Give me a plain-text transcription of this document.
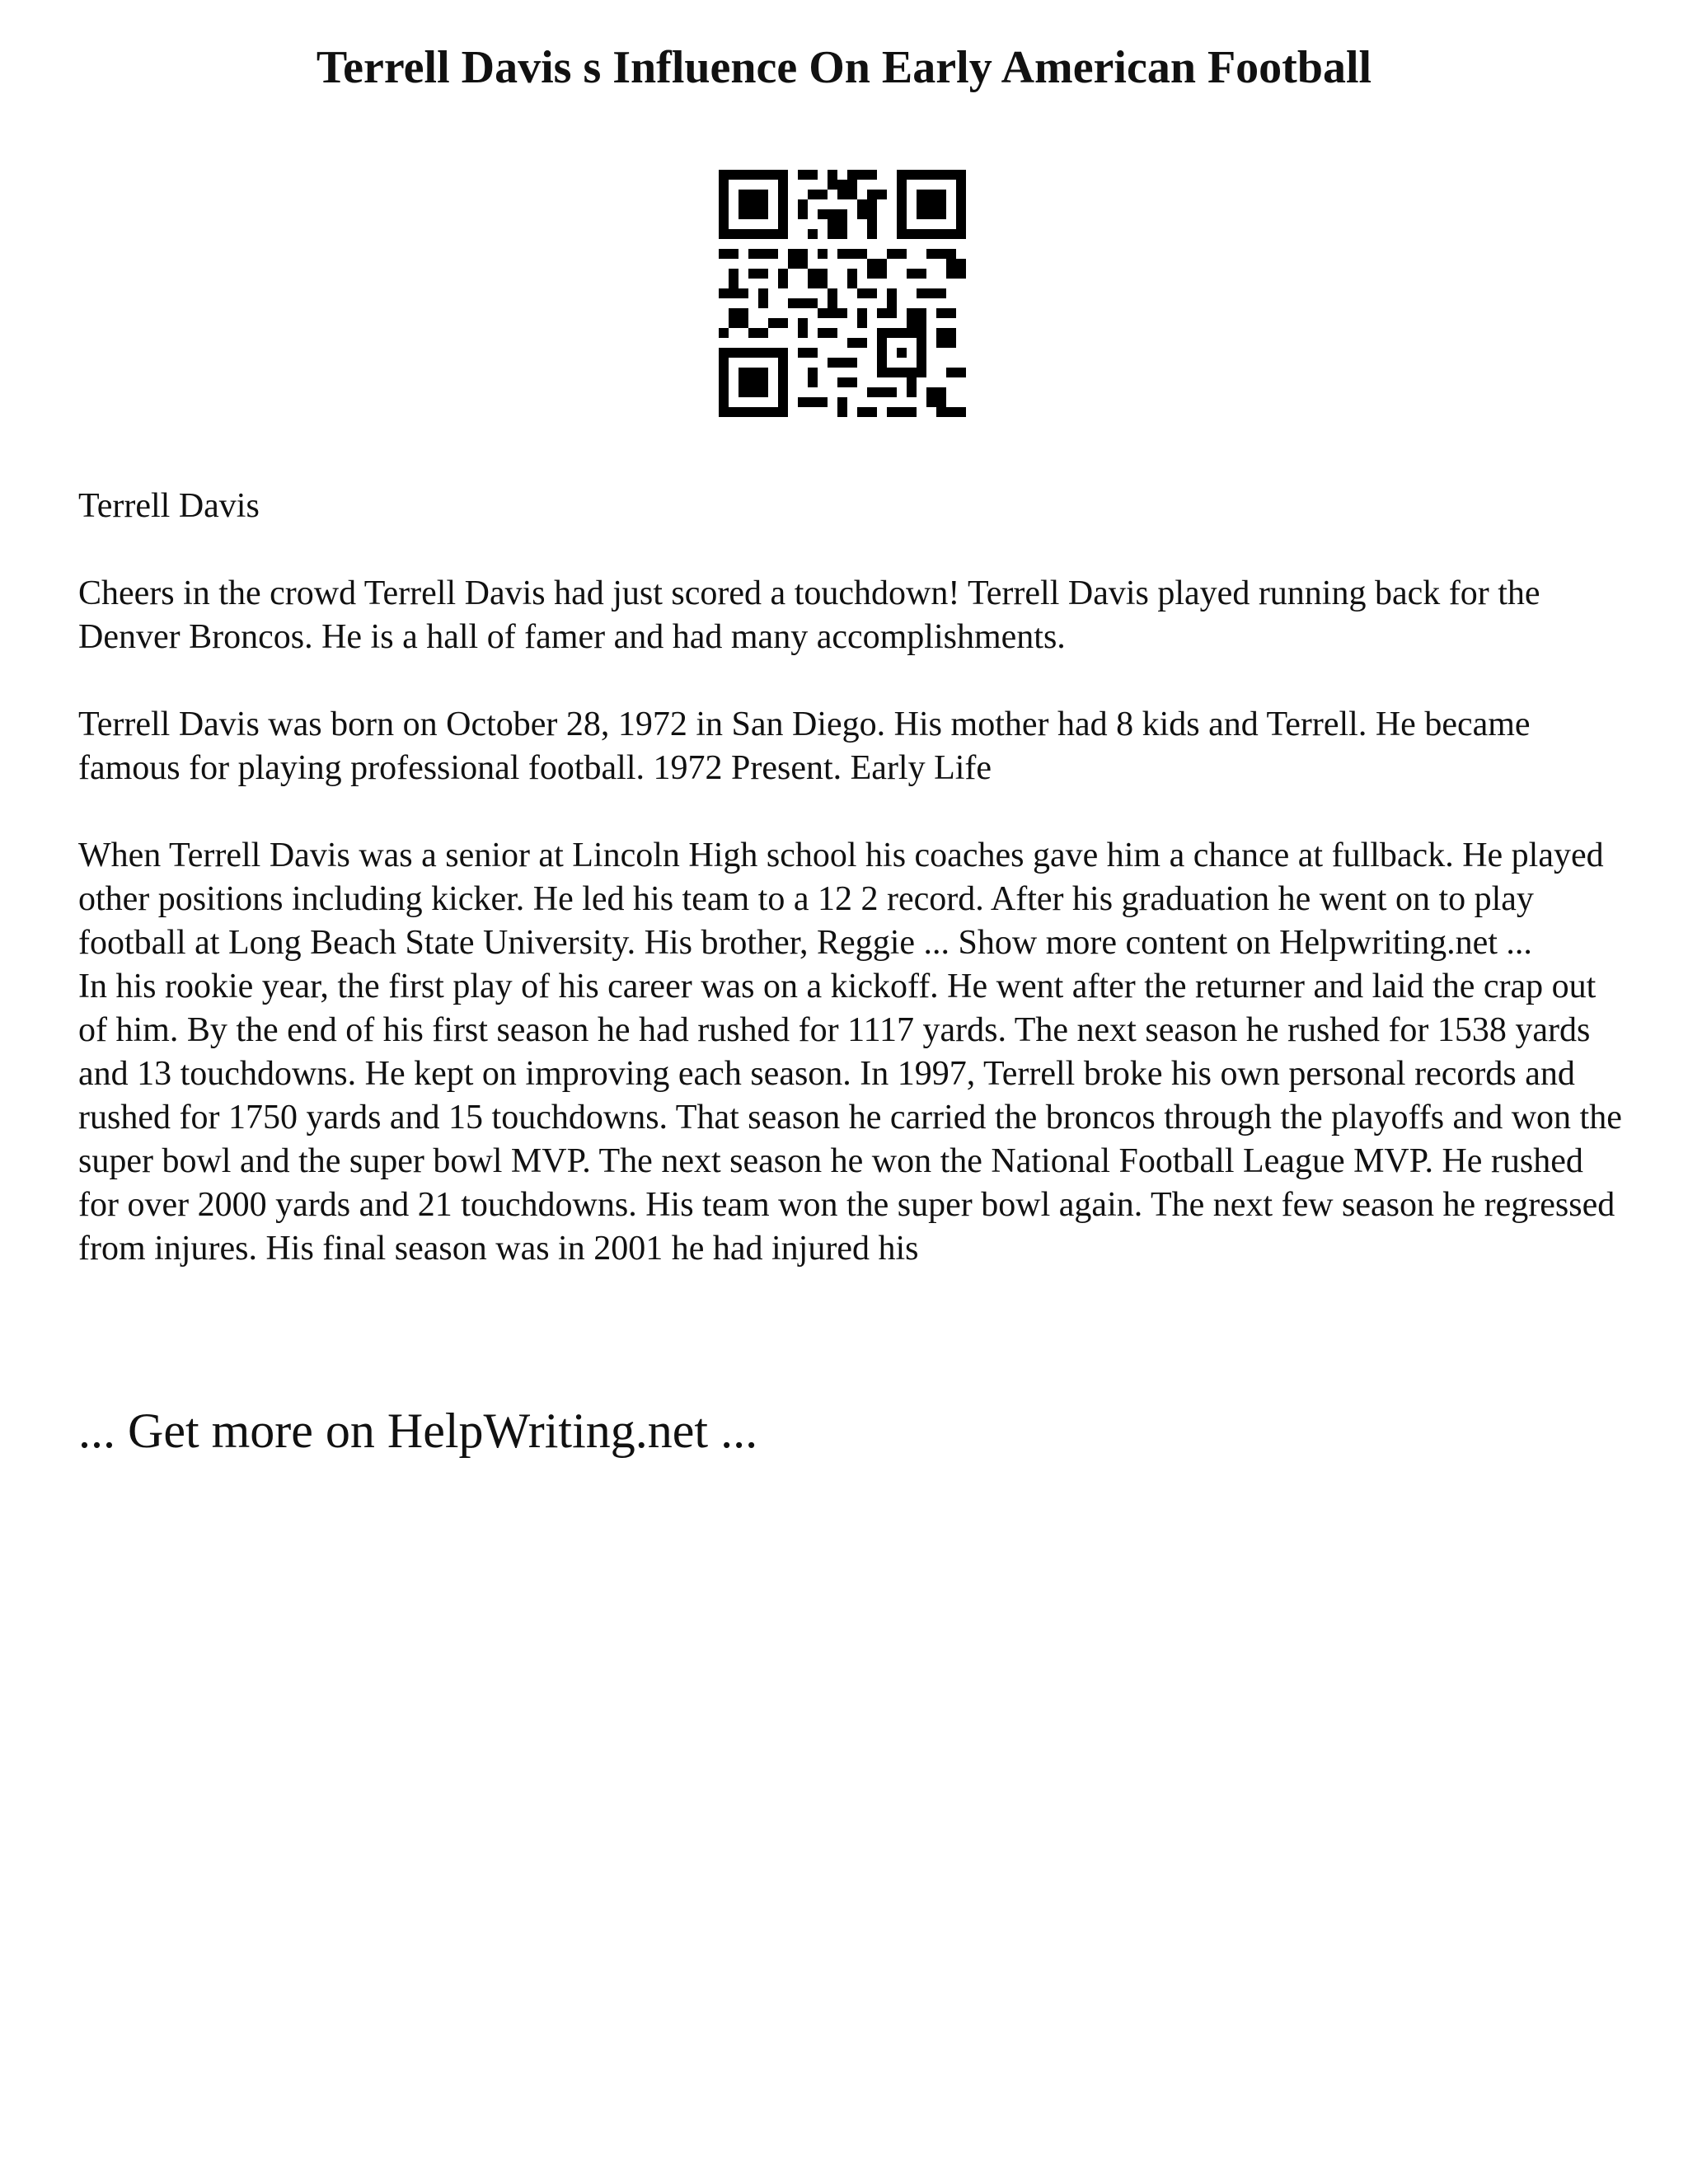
Terrell Davis s Influence On Early American Football

Terrell Davis

Cheers in the crowd Terrell Davis had just scored a touchdown! Terrell Davis played running back for the Denver Broncos. He is a hall of famer and had many accomplishments.

Terrell Davis was born on October 28, 1972 in San Diego. His mother had 8 kids and Terrell. He became famous for playing professional football. 1972 Present. Early Life

When Terrell Davis was a senior at Lincoln High school his coaches gave him a chance at fullback. He played other positions including kicker. He led his team to a 12 2 record. After his graduation he went on to play football at Long Beach State University. His brother, Reggie ... Show more content on Helpwriting.net ...

In his rookie year, the first play of his career was on a kickoff. He went after the returner and laid the crap out of him. By the end of his first season he had rushed for 1117 yards. The next season he rushed for 1538 yards and 13 touchdowns. He kept on improving each season. In 1997, Terrell broke his own personal records and rushed for 1750 yards and 15 touchdowns. That season he carried the broncos through the playoffs and won the super bowl and the super bowl MVP. The next season he won the National Football League MVP. He rushed for over 2000 yards and 21 touchdowns. His team won the super bowl again. The next few season he regressed from injures. His final season was in 2001 he had injured his

... Get more on HelpWriting.net ...
